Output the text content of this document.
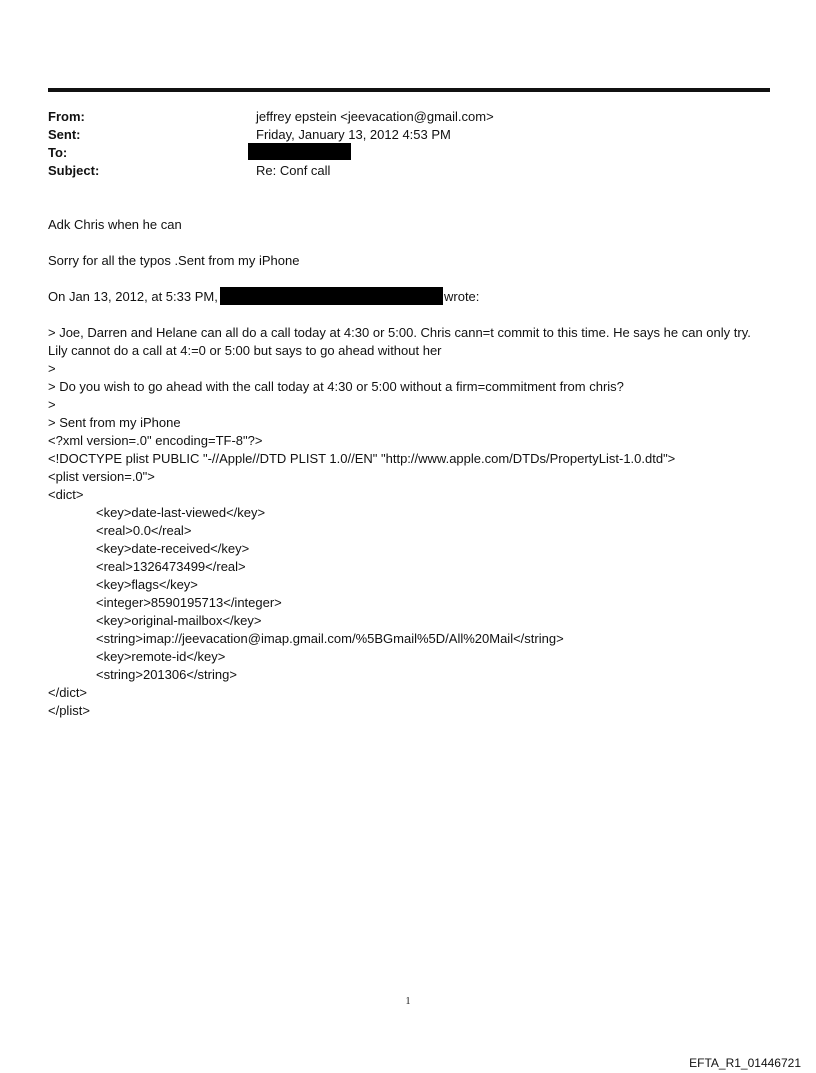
From:	jeffrey epstein <jeevacation@gmail.com>
Sent:	Friday, January 13, 2012 4:53 PM
To:
Subject:	Re: Conf call
Adk Chris when he can
Sorry for all the typos .Sent from my iPhone
On Jan 13, 2012, at 5:33 PM,	wrote:
> Joe, Darren and Helane can all do a call today at 4:30 or 5:00. Chris cann=t commit to this time. He says he can only try. Lily cannot do a call at 4:=0 or 5:00 but says to go ahead without her
>
> Do you wish to go ahead with the call today at 4:30 or 5:00 without a firm=commitment from chris?
>
> Sent from my iPhone
<?xml version=.0" encoding=TF-8"?>
<!DOCTYPE plist PUBLIC "-//Apple//DTD PLIST 1.0//EN" "http://www.apple.com/DTDs/PropertyList-1.0.dtd">
<plist version=.0">
<dict>
<key>date-last-viewed</key>
<real>0.0</real>
<key>date-received</key>
<real>1326473499</real>
<key>flags</key>
<integer>8590195713</integer>
<key>original-mailbox</key>
<string>imap://jeevacation@imap.gmail.com/%5BGmail%5D/All%20Mail</string>
<key>remote-id</key>
<string>201306</string>
</dict>
</plist>
1
EFTA_R1_01446721
